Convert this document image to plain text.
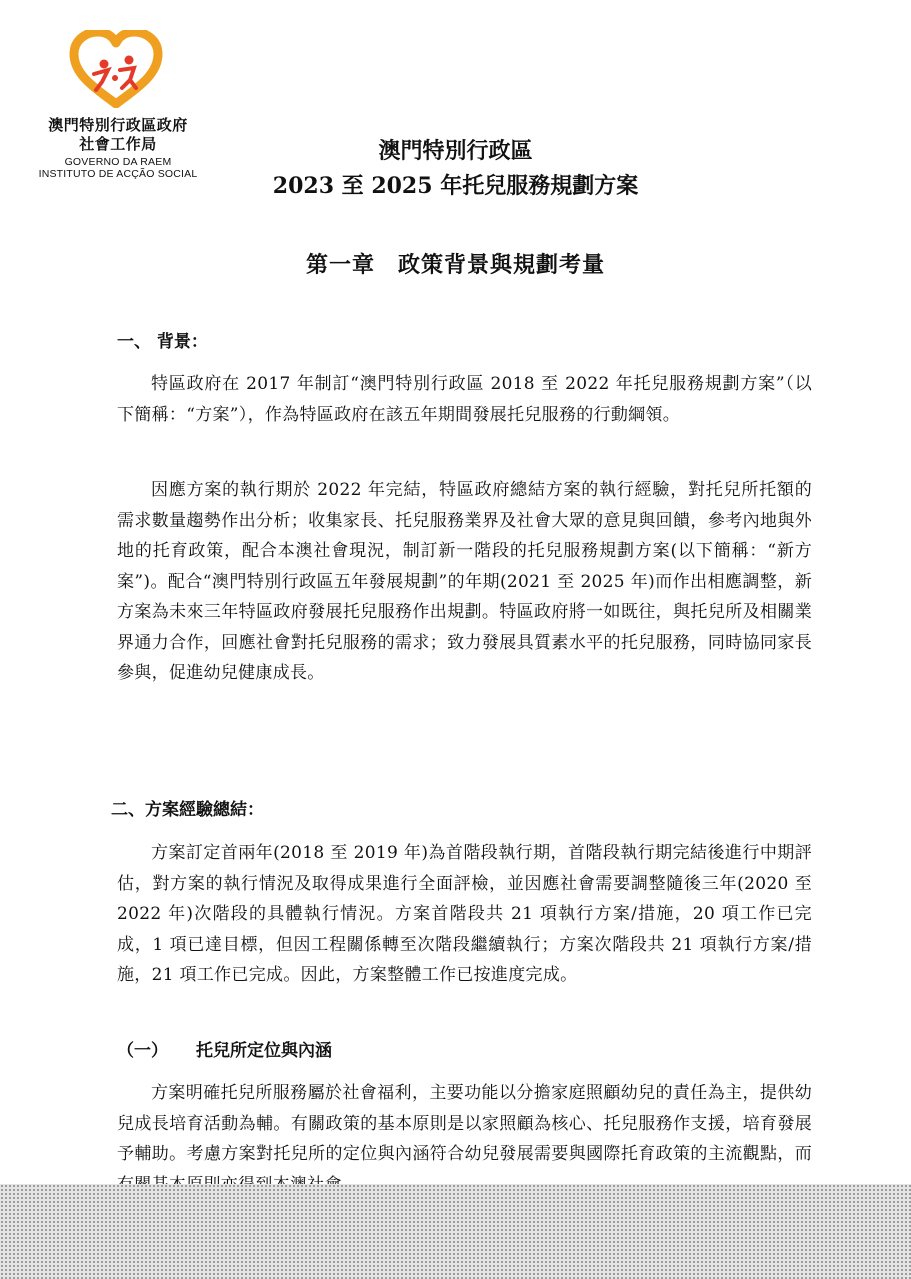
澳門特別行政區政府
社會工作局
GOVERNO DA RAEM
INSTITUTO DE ACÇÃO SOCIAL
澳門特別行政區
2023 至 2025 年托兒服務規劃方案
第一章　政策背景與規劃考量
一、 背景：
特區政府在 2017 年制訂“澳門特別行政區 2018 至 2022 年托兒服務規劃方案”（以下簡稱：“方案”），作為特區政府在該五年期間發展托兒服務的行動綱領。
因應方案的執行期於 2022 年完結，特區政府總結方案的執行經驗，對托兒所托額的需求數量趨勢作出分析；收集家長、托兒服務業界及社會大眾的意見與回饋，參考內地與外地的托育政策，配合本澳社會現況，制訂新一階段的托兒服務規劃方案(以下簡稱：“新方案”)。配合“澳門特別行政區五年發展規劃”的年期(2021 至 2025 年)而作出相應調整，新方案為未來三年特區政府發展托兒服務作出規劃。特區政府將一如既往，與托兒所及相關業界通力合作，回應社會對托兒服務的需求；致力發展具質素水平的托兒服務，同時協同家長參與，促進幼兒健康成長。
二、方案經驗總結：
方案訂定首兩年(2018 至 2019 年)為首階段執行期，首階段執行期完結後進行中期評估，對方案的執行情況及取得成果進行全面評檢，並因應社會需要調整隨後三年(2020 至 2022 年)次階段的具體執行情況。方案首階段共 21 項執行方案/措施，20 項工作已完成，1 項已達目標，但因工程關係轉至次階段繼續執行；方案次階段共 21 項執行方案/措施，21 項工作已完成。因此，方案整體工作已按進度完成。
（一） 托兒所定位與內涵
方案明確托兒所服務屬於社會福利，主要功能以分擔家庭照顧幼兒的責任為主，提供幼兒成長培育活動為輔。有關政策的基本原則是以家照顧為核心、托兒服務作支援，培育發展予輔助。考慮方案對托兒所的定位與內涵符合幼兒發展需要與國際托育政策的主流觀點，而
